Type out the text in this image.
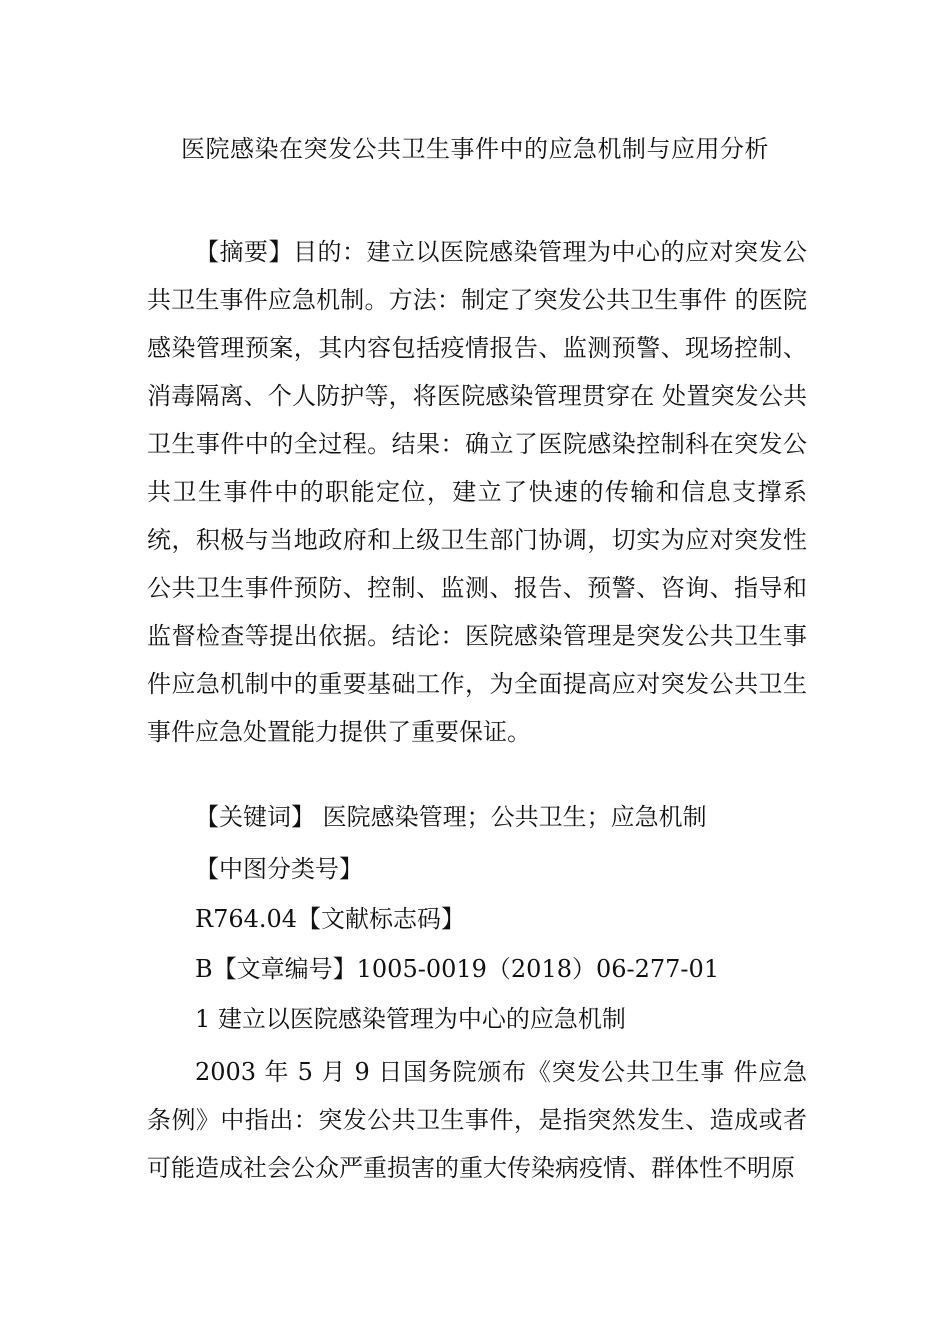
医院感染在突发公共卫生事件中的应急机制与应用分析

【摘要】目的：建立以医院感染管理为中心的应对突发公共卫生事件应急机制。方法：制定了突发公共卫生事件 的医院感染管理预案，其内容包括疫情报告、监测预警、现场控制、消毒隔离、个人防护等，将医院感染管理贯穿在 处置突发公共卫生事件中的全过程。结果：确立了医院感染控制科在突发公共卫生事件中的职能定位，建立了快速的传输和信息支撑系统，积极与当地政府和上级卫生部门协调，切实为应对突发性公共卫生事件预防、控制、监测、报告、预警、咨询、指导和监督检查等提出依据。结论：医院感染管理是突发公共卫生事件应急机制中的重要基础工作，为全面提高应对突发公共卫生事件应急处置能力提供了重要保证。

【关键词】 医院感染管理；公共卫生；应急机制

【中图分类号】

R764.04【文献标志码】

B【文章编号】1005-0019（2018）06-277-01

1 建立以医院感染管理为中心的应急机制

2003 年 5 月 9 日国务院颁布《突发公共卫生事 件应急条例》中指出：突发公共卫生事件，是指突然发生、造成或者可能造成社会公众严重损害的重大传染病疫情、群体性不明原
